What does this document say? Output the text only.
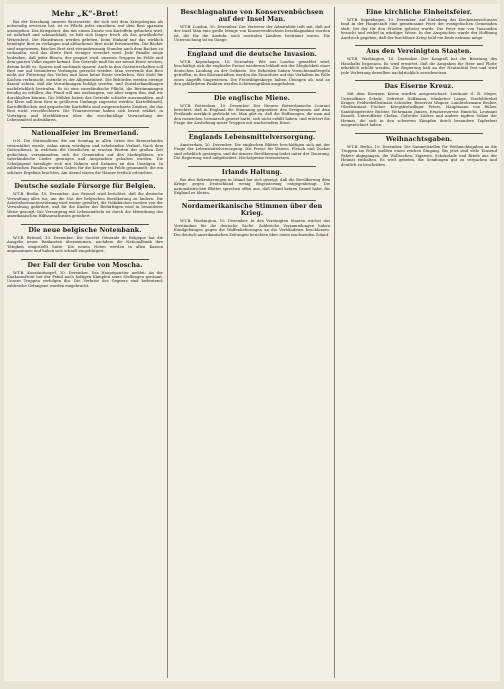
Mehr „K“-Brot!

Bei der Streckung unserer Brotvorräte, die sich seit dem Kriegsbeginn als notwendig erwiesen hat, ist es Pflicht jedes einzelnen, mit dem Brot sparsam umzugehen. Das Kriegsbrot, das mit einem Zusatz von Kartoffeln gebacken wird, ist nahrhaft und schmackhaft; es hält sich länger frisch als das gewöhnliche Weizenbrot. Die Hausfrauen werden gebeten, beim Einkauf nur das wirklich benötigte Brot zu verlangen und altbackenes Brot nicht fortzuwerfen. Die Bäcker sind angewiesen, frisches Brot erst vierundzwanzig Stunden nach dem Backen zu verkaufen, weil das ältere Brot weniger verzehrt wird. Jede Familie möge bedenken, daß jeder Bissen, der gespart wird, unseren Truppen im Felde und dem ganzen Volke zugute kommt. Das Getreide muß bis zur neuen Ernte reichen; darum heißt es: Sparen und nochmals sparen! Auch in den Gastwirtschaften soll Brot nur auf besonderes Verlangen gereicht werden. Man verwende das Brot nicht zur Fütterung des Viehes und lasse keine Reste verderben. Wer Mehl für Kuchen verbraucht, entzieht es der Allgemeinheit. Die Behörden werden strenge darauf achten, daß die Verordnungen befolgt werden, und Zuwiderhandlungen nachdrücklich bestrafen. Es ist eine vaterländische Pflicht, die Bestimmungen freudig zu erfüllen; der Feind will uns aushungern, wir aber zeigen ihm, daß wir durchhalten können. Die Mühlen haben das Getreide schärfer auszumahlen, und die Kleie soll dem Brot in größerem Umfange zugesetzt werden. Kartoffelmehl, Kartoffelflocken und gequetschte Kartoffeln sind ausgezeichnete Zusätze, die das Brot nicht verschlechtern. Die Frauenvereine haben sich bereit erklärt, in Vorträgen und Merkblättern über die zweckmäßige Verwendung der Lebensmittel aufzuklären.

Nationalfeier im Bremerland.

O.N. Die Nationalfeier, die am Sonntag in allen Orten des Bremerlandes veranstaltet wurde, nahm einen würdigen und erhebenden Verlauf. Nach dem Gottesdienst, in welchem die Geistlichen in ernsten Worten der großen Zeit gedachten, versammelten sich die Gemeinden auf den Marktplätzen, wo vaterländische Lieder gesungen und Ansprachen gehalten wurden. Die Schuljugend beteiligte sich mit Fahnen und Kränzen an den Umzügen. In zahlreichen Familien wurden Gaben für die Krieger im Felde gesammelt, die ein schönes Ergebnis brachten. Am Abend waren die Häuser festlich erleuchtet.

Deutsche soziale Fürsorge für Belgien.

W.T.B. Berlin, 10. Dezember. Aus Brüssel wird berichtet, daß die deutsche Verwaltung alles tut, um die Not der belgischen Bevölkerung zu lindern. Die Arbeitslosenunterstützung wird weiter gewährt, die Volksküchen werden von der Verwaltung gefördert, und für die Kinder der Bedürftigen wird in besonderer Weise gesorgt. Die Versorgung mit Lebensmitteln ist durch die Mitwirkung des amerikanischen Hilfsausschusses gesichert.

Die neue belgische Notenbank.

W.T.B. Brüssel, 10. Dezember. Die Société Générale de Belgique hat die Ausgabe neuer Banknoten übernommen, nachdem die Nationalbank ihre Tätigkeit eingestellt hatte. Die neuen Noten werden in allen Kassen angenommen und haben sich schnell eingebürgert.

Der Fall der Grube von Moscha.

W.T.B. Konstantinopel, 10. Dezember. Das Hauptquartier meldet: An der Kaukasusfront hat der Feind nach heftigen Kämpfen seine Stellungen geräumt. Unsere Truppen verfolgen ihn. Die Verluste des Gegners sind bedeutend; zahlreiche Gefangene wurden eingebracht.

Beschlagnahme von Konservenbüchsen auf der Insel Man.

W.T.B. London, 10. Dezember. Der Vertreter der Admiralität teilt mit, daß auf der Insel Man eine große Menge von Konservenbüchsen beschlagnahmt worden ist, die für die Ausfuhr nach neutralen Ländern bestimmt waren. Die Untersuchung ist im Gange.

England und die deutsche Invasion.

W.T.B. Kopenhagen, 10. Dezember. Wie aus London gemeldet wird, beschäftigt sich die englische Presse wiederum lebhaft mit der Möglichkeit einer deutschen Landung an der Ostküste. Die Behörden haben Vorsichtsmaßregeln getroffen; in den Küstenstädten werden die Einwohner auf das Verhalten im Falle eines Angriffs hingewiesen. Die Freiwilligenkorps halten Übungen ab, und an den gefährdeten Punkten werden Schützengräben ausgehoben.

Die englische Miene.

W.T.B. Rotterdam, 10. Dezember. Der Nieuwe Rotterdamsche Courant berichtet, daß in England die Stimmung gegenüber den Ereignissen auf dem Festlande merklich gedrückt ist. Man gibt zu, daß die Hoffnungen, die man auf den russischen Vormarsch gesetzt hatte, sich nicht erfüllt haben, und erörtert die Frage der Aushebung neuer Truppen mit wachsendem Ernst.

Englands Lebensmittelversorgung.

Amsterdam, 10. Dezember. Die englischen Blätter beschäftigen sich mit der Frage der Lebensmittelversorgung. Die Preise für Weizen, Fleisch und Zucker sind erheblich gestiegen, und die ärmere Bevölkerung leidet unter der Teuerung. Die Regierung wird aufgefordert, Höchstpreise festzusetzen.

Irlands Haltung.

Bei den Rekrutierungen in Irland hat sich gezeigt, daß die Bevölkerung dem Kriege gegen Deutschland wenig Begeisterung entgegenbringt. Die nationalistischen Blätter sprechen offen aus, daß Irland keinen Grund habe, für England zu bluten.

Nordamerikanische Stimmen über den Krieg.

W.T.B. Washington, 10. Dezember. In den Vereinigten Staaten wächst das Verständnis für die deutsche Sache. Zahlreiche Versammlungen haben Kundgebungen gegen die Waffenlieferungen an die Verbündeten beschlossen. Die deutsch-amerikanischen Zeitungen berichten über einen wachsenden Zulauf.

Eine kirchliche Einheitsfeier.

W.T.B. Kopenhagen, 10. Dezember. Auf Einladung des Kirchenausschusses fand in der Hauptstadt eine gemeinsame Feier der evangelischen Gemeinden statt, bei der für den Frieden gebetet wurde. Die Feier war von Tausenden besucht und verlief in würdiger Weise. In den Ansprachen wurde der Hoffnung Ausdruck gegeben, daß der furchtbare Krieg bald ein Ende nehmen möge.

Aus den Vereinigten Staaten.

W.T.B. Washington, 10. Dezember. Der Kongreß hat die Beratung des Haushalts begonnen. Es wird erwartet, daß die Ausgaben für Heer und Flotte erheblich erhöht werden. Die Regierung hält an der Neutralität fest und wird jede Verletzung derselben nachdrücklich zurückweisen.

Das Eiserne Kreuz.

Mit dem Eisernen Kreuz wurden ausgezeichnet: Leutnant d. R. Meyer, Unteroffizier Schulz, Gefreiter Hoffmann, Musketier Lange, Vizefeldwebel Krüger, Feldwebelleutnant Schröder, Reservist Wagner, Landwehrmann Becker, Oberleutnant Fischer, Kriegsfreiwilliger Peters, Hauptmann von Bülow, Sanitätsgefreiter Richter, Wehrmann Jansen, Ersatzreservist Hinrichs, Leutnant Brandt, Unteroffizier Claßen, Gefreiter Lüders und andere tapfere Söhne der Heimat, die sich in den schweren Kämpfen durch besondere Tapferkeit ausgezeichnet haben.

Weihnachtsgaben.

W.T.B. Berlin, 10. Dezember. Die Sammelstellen für Weihnachtsgaben an die Truppen im Felde melden einen reichen Eingang. Bis jetzt sind viele Tausend Pakete abgegangen, die Wollsachen, Zigarren, Schokolade und Briefe aus der Heimat enthalten. Es wird gebeten, die Sendungen gut zu verpacken und deutlich zu beschriften.
